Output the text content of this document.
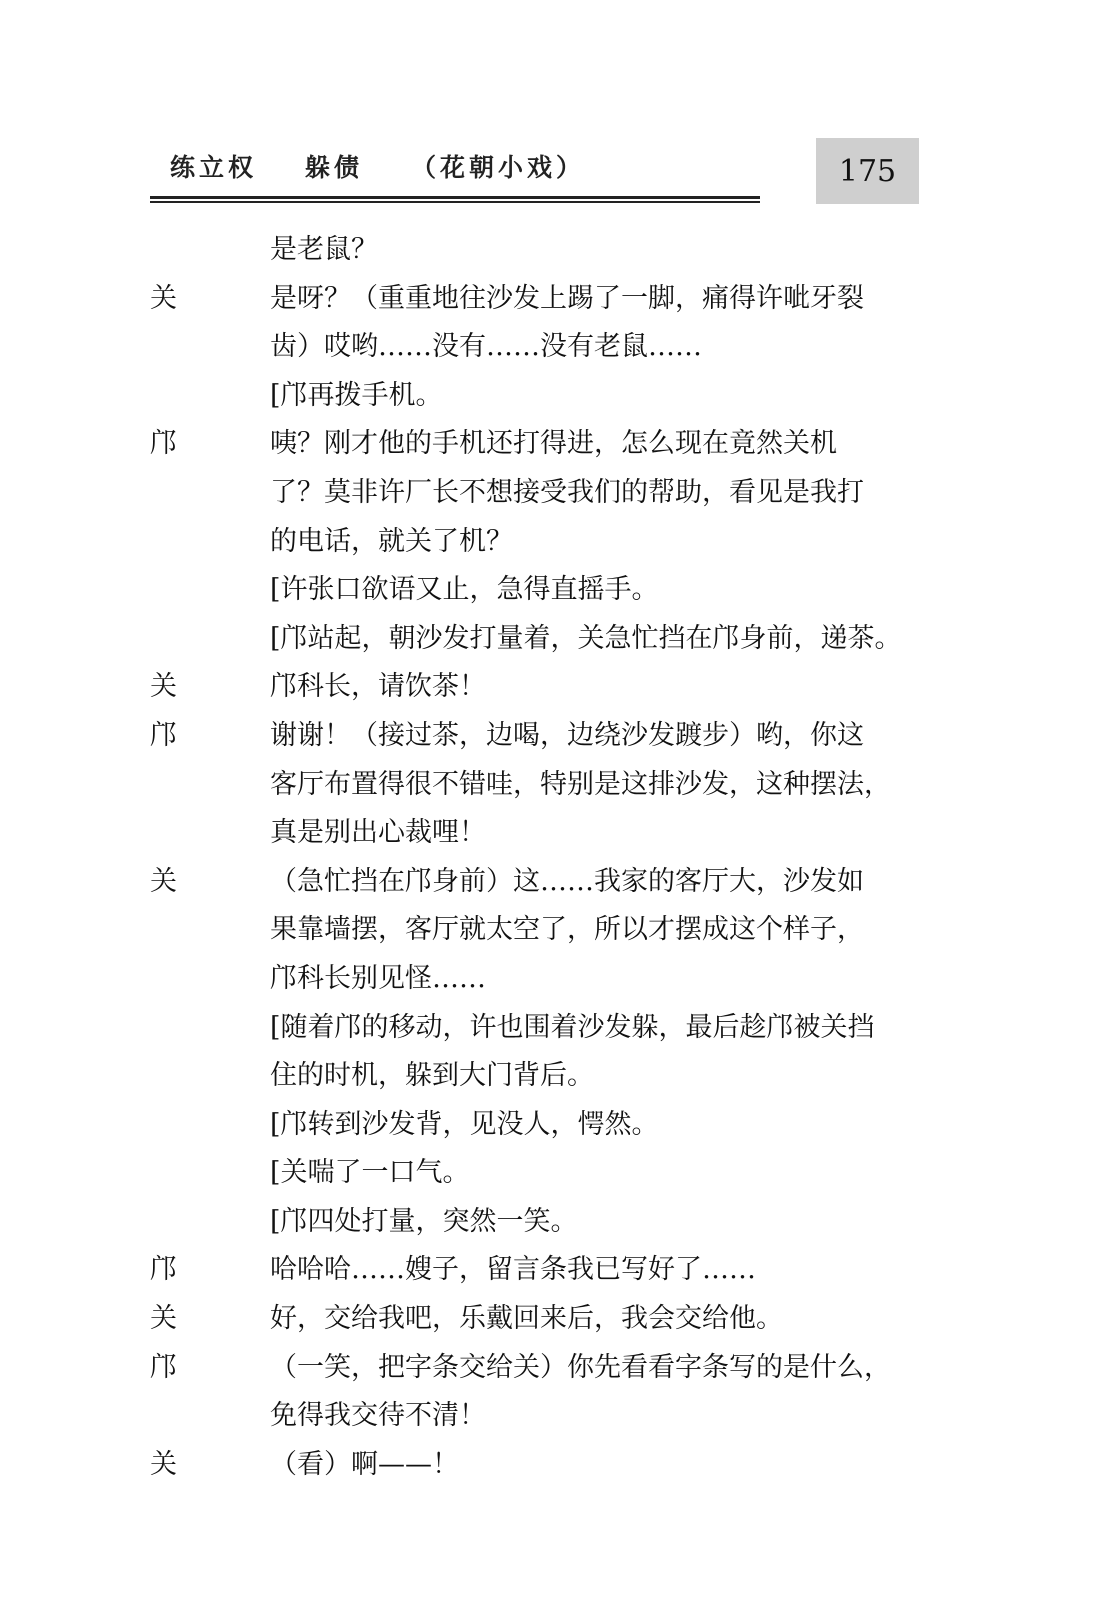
练立权 躲债 （花朝小戏）	175
是老鼠？
关	是呀？（重重地往沙发上踢了一脚，痛得许呲牙裂
齿）哎哟……没有……没有老鼠……
[邝再拨手机。
邝	咦？刚才他的手机还打得进，怎么现在竟然关机
了？莫非许厂长不想接受我们的帮助，看见是我打
的电话，就关了机？
[许张口欲语又止，急得直摇手。
[邝站起，朝沙发打量着，关急忙挡在邝身前，递茶。
关	邝科长，请饮茶！
邝	谢谢！（接过茶，边喝，边绕沙发踱步）哟，你这
客厅布置得很不错哇，特别是这排沙发，这种摆法，
真是别出心裁哩！
关	（急忙挡在邝身前）这……我家的客厅大，沙发如
果靠墙摆，客厅就太空了，所以才摆成这个样子，
邝科长别见怪……
[随着邝的移动，许也围着沙发躲，最后趁邝被关挡
住的时机，躲到大门背后。
[邝转到沙发背，见没人，愕然。
[关喘了一口气。
[邝四处打量，突然一笑。
邝	哈哈哈……嫂子，留言条我已写好了……
关	好，交给我吧，乐戴回来后，我会交给他。
邝	（一笑，把字条交给关）你先看看字条写的是什么，
免得我交待不清！
关	（看）啊——！
